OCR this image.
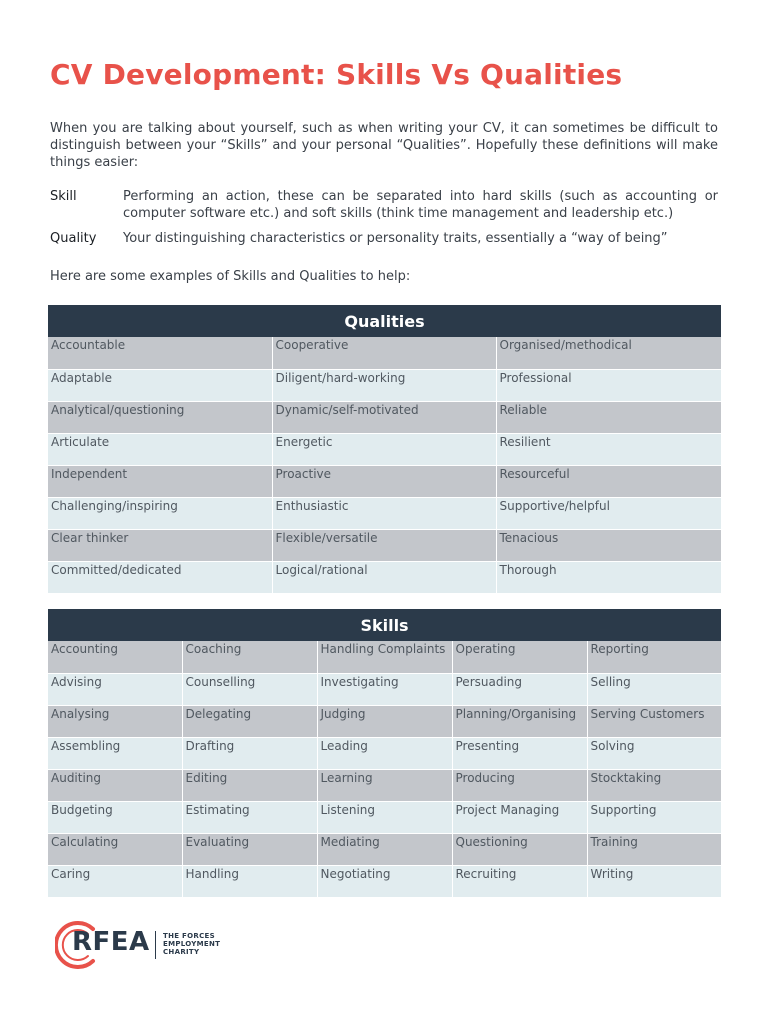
CV Development: Skills Vs Qualities

When you are talking about yourself, such as when writing your CV, it can sometimes be difficult to distinguish between your “Skills” and your personal “Qualities”. Hopefully these definitions will make things easier:

Skill	Performing an action, these can be separated into hard skills (such as accounting or computer software etc.) and soft skills (think time management and leadership etc.)
Quality Your distinguishing characteristics or personality traits, essentially a “way of being”

Here are some examples of Skills and Qualities to help:

Qualities		
Accountable	Cooperative	Organised/methodical
Adaptable	Diligent/hard-working	Professional
Analytical/questioning	Dynamic/self-motivated	Reliable
Articulate	Energetic	Resilient
Independent	Proactive	Resourceful
Challenging/inspiring	Enthusiastic	Supportive/helpful
Clear thinker	Flexible/versatile	Tenacious
Committed/dedicated	Logical/rational	Thorough
Skills				
Accounting	Coaching	Handling Complaints	Operating	Reporting
Advising	Counselling	Investigating	Persuading	Selling
Analysing	Delegating	Judging	Planning/Organising	Serving Customers
Assembling	Drafting	Leading	Presenting	Solving
Auditing	Editing	Learning	Producing	Stocktaking
Budgeting	Estimating	Listening	Project Managing	Supporting
Calculating	Evaluating	Mediating	Questioning	Training
Caring	Handling	Negotiating	Recruiting	Writing
RFEA THE FORCES
EMPLOYMENT
CHARITY
